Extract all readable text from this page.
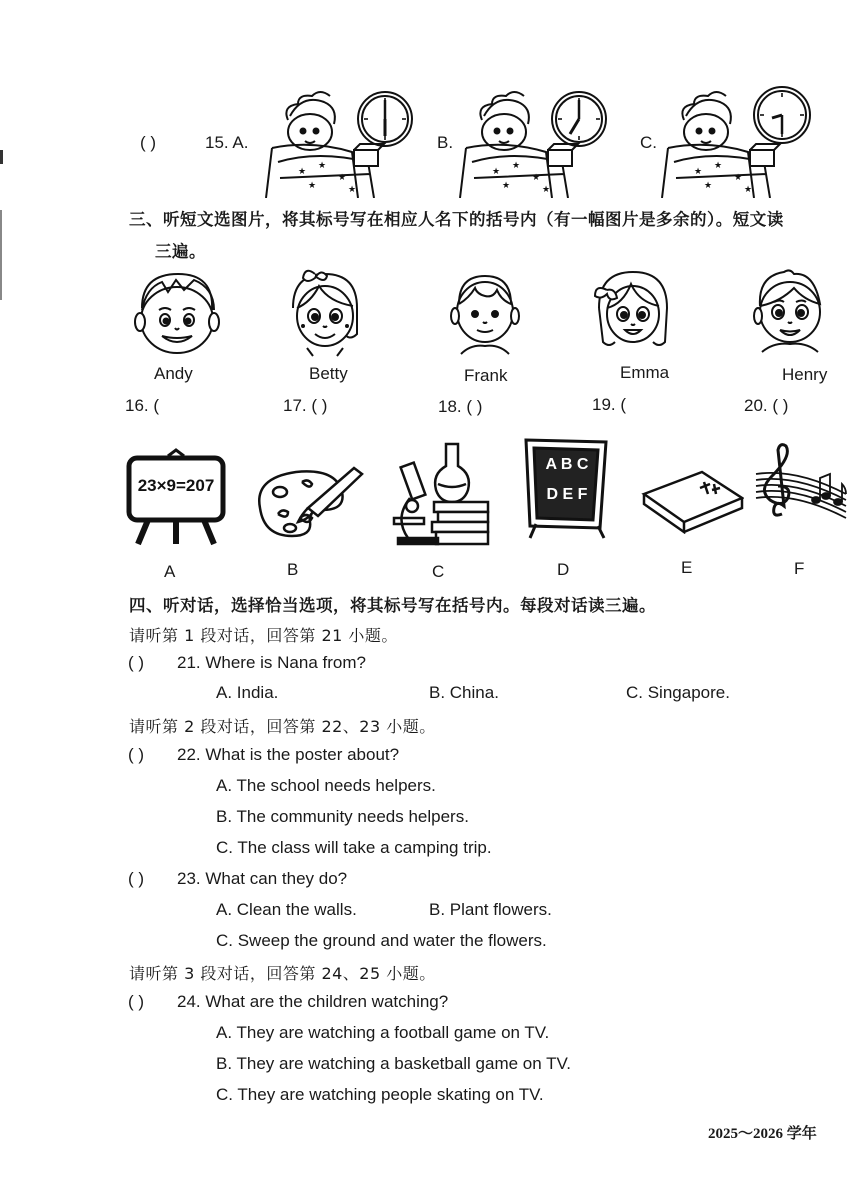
( )	15. A.	B.	C.
★
★
★
★	★
★
★
★
★	★
★
★
★
★	★
三、听短文选图片，将其标号写在相应人名下的括号内（有一幅图片是多余的）。短文读
三遍。
Andy	Betty	Frank	Emma	Henry
16. (	17. ( )	18. ( )	19. (	20. ( )
23×9=207
A B C
D E F
A	B	C	D	E	F
四、听对话，选择恰当选项，将其标号写在括号内。每段对话读三遍。
请听第 1 段对话，回答第 21 小题。
( ) 21. Where is Nana from?
A. India.	B. China.	C. Singapore.
请听第 2 段对话，回答第 22、23 小题。
( ) 22. What is the poster about?
A. The school needs helpers.
B. The community needs helpers.
C. The class will take a camping trip.
( ) 23. What can they do?
A. Clean the walls.	B. Plant flowers.
C. Sweep the ground and water the flowers.
请听第 3 段对话，回答第 24、25 小题。
( ) 24. What are the children watching?
A. They are watching a football game on TV.
B. They are watching a basketball game on TV.
C. They are watching people skating on TV.
2025～2026 学年
